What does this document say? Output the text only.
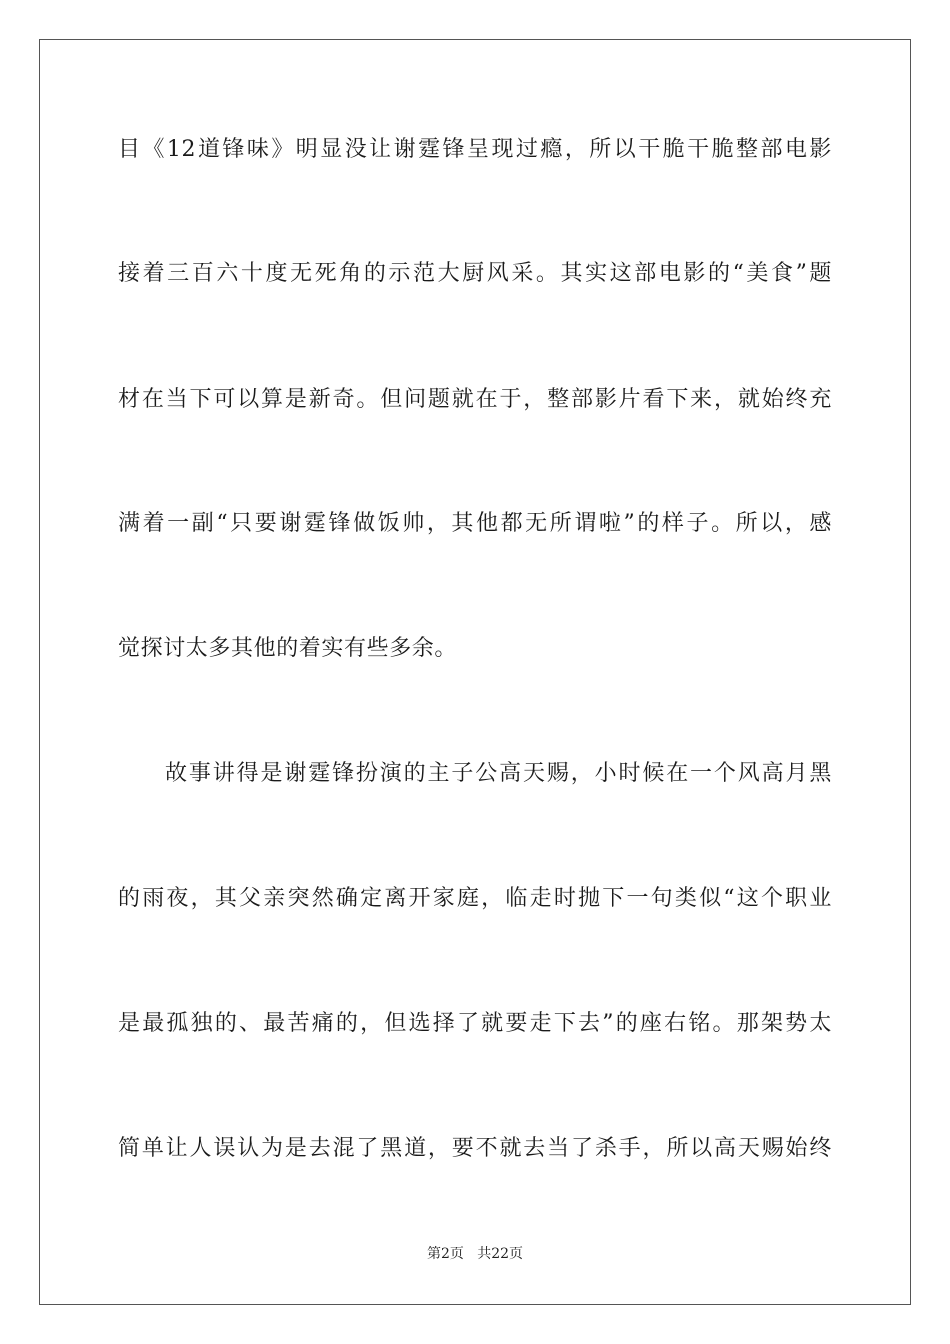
目《12道锋味》明显没让谢霆锋呈现过瘾，所以干脆干脆整部电影
接着三百六十度无死角的示范大厨风采。其实这部电影的“美食”题
材在当下可以算是新奇。但问题就在于，整部影片看下来，就始终充
满着一副“只要谢霆锋做饭帅，其他都无所谓啦”的样子。所以，感
觉探讨太多其他的着实有些多余。
故事讲得是谢霆锋扮演的主子公高天赐，小时候在一个风高月黑
的雨夜，其父亲突然确定离开家庭，临走时抛下一句类似“这个职业
是最孤独的、最苦痛的，但选择了就要走下去”的座右铭。那架势太
简单让人误认为是去混了黑道，要不就去当了杀手，所以高天赐始终
第2页   共22页
